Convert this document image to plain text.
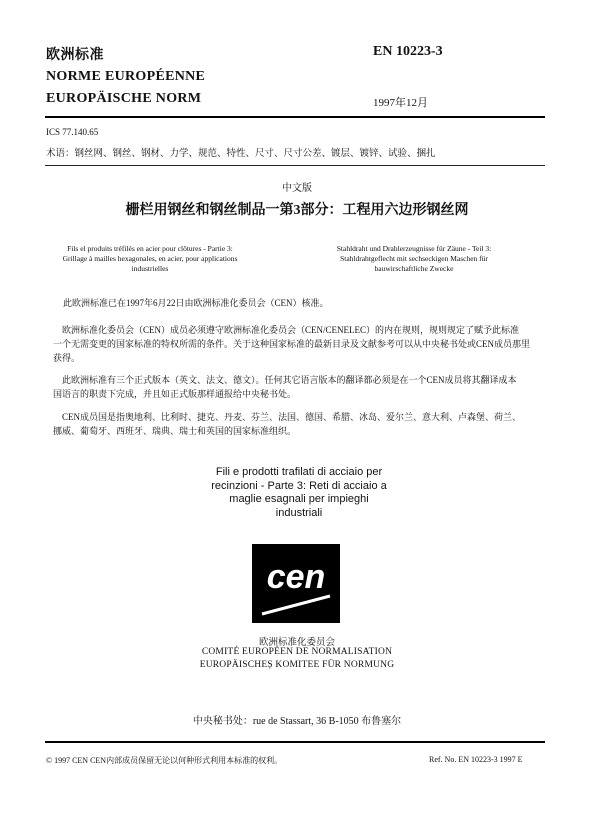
欧洲标准
NORME EUROPÉENNE
EUROPÄISCHE NORM
EN 10223-3
1997年12月
ICS 77.140.65
术语：钢丝网、钢丝、钢材、力学、规范、特性、尺寸、尺寸公差、镀层、镀锌、试验、捆扎
中文版
栅栏用钢丝和钢丝制品一第3部分：工程用六边形钢丝网
Fils el produits tréfilés en acier pour clôtures - Partie 3:
Grillage à mailles hexagonales, en acier, pour applications
industrielles
Stahldraht und Drahlerzeugnisse für Zäune - Teil 3:
Stahldrahtgeflecht mit sechseckigen Maschen für
bauwirschaftliche Zwecke
此欧洲标准已在1997年6月22日由欧洲标准化委员会（CEN）核准。
欧洲标准化委员会（CEN）成员必须遵守欧洲标准化委员会（CEN/CENELEC）的内在规则，规则规定了赋予此标准
一个无需变更的国家标准的特权所需的条件。关于这种国家标准的最新目录及文献参考可以从中央秘书处或CEN成员那里
获得。
此欧洲标准有三个正式版本（英文、法文、德文）。任何其它语言版本的翻译都必须是在一个CEN成员将其翻译成本
国语言的职责下完成，并且如正式版那样通报给中央秘书处。
CEN成员国是指奥地利、比利时、捷克、丹麦、芬兰、法国、德国、希腊、冰岛、爱尔兰、意大利、卢森堡、荷兰、
挪威、葡萄牙、西班牙、瑞典、瑞士和英国的国家标准组织。
Fili e prodotti trafilati di acciaio per
recinzioni - Parte 3: Reti di acciaio a
maglie esagnali per impieghi
industriali
cen
欧洲标准化委员会
COMITÉ EUROPÉEN DE NORMALISATION
EUROPÄISCHEȘ KOMITEE FÜR NORMUNG
中央秘书处：rue de Stassart, 36 B-1050 布鲁塞尔
© 1997 CEN CEN内部成员保留无论以何种形式利用本标准的权利。	Ref. No. EN 10223-3 1997 E
